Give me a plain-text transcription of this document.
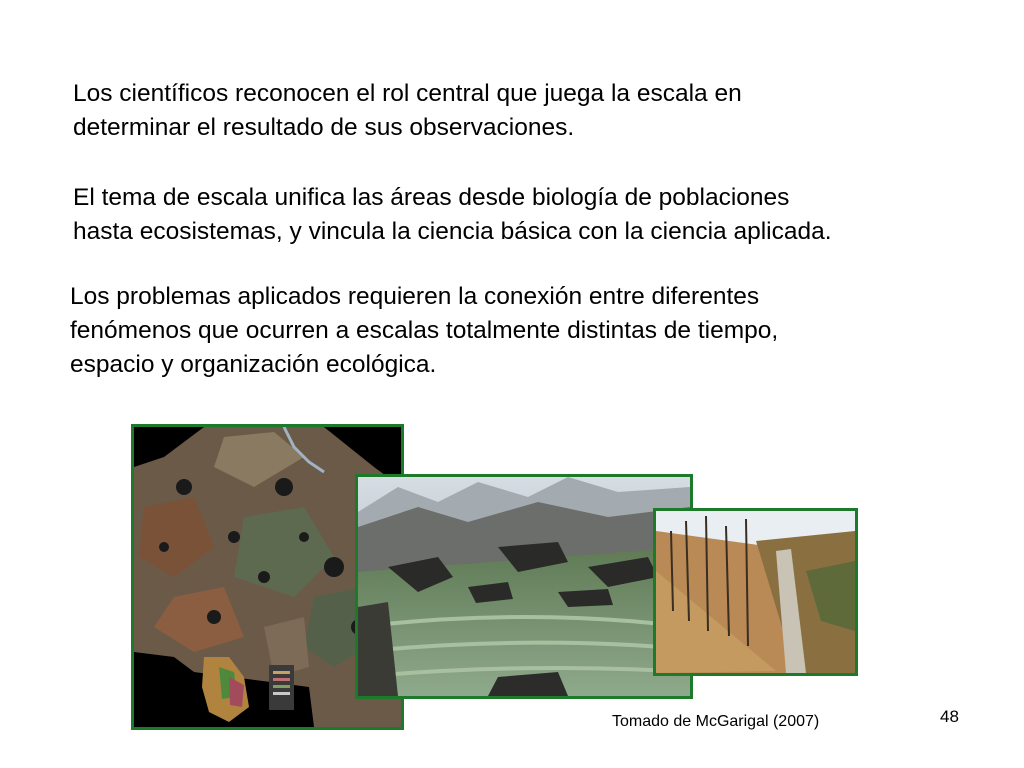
Los científicos reconocen el rol central que juega la escala en
determinar el resultado de sus observaciones.
El tema de escala unifica las áreas desde biología de poblaciones
hasta ecosistemas, y vincula la ciencia básica con la ciencia aplicada.
Los problemas aplicados requieren la conexión entre diferentes
fenómenos que ocurren a escalas totalmente distintas de tiempo,
espacio y organización ecológica.
Tomado de McGarigal (2007)	48
